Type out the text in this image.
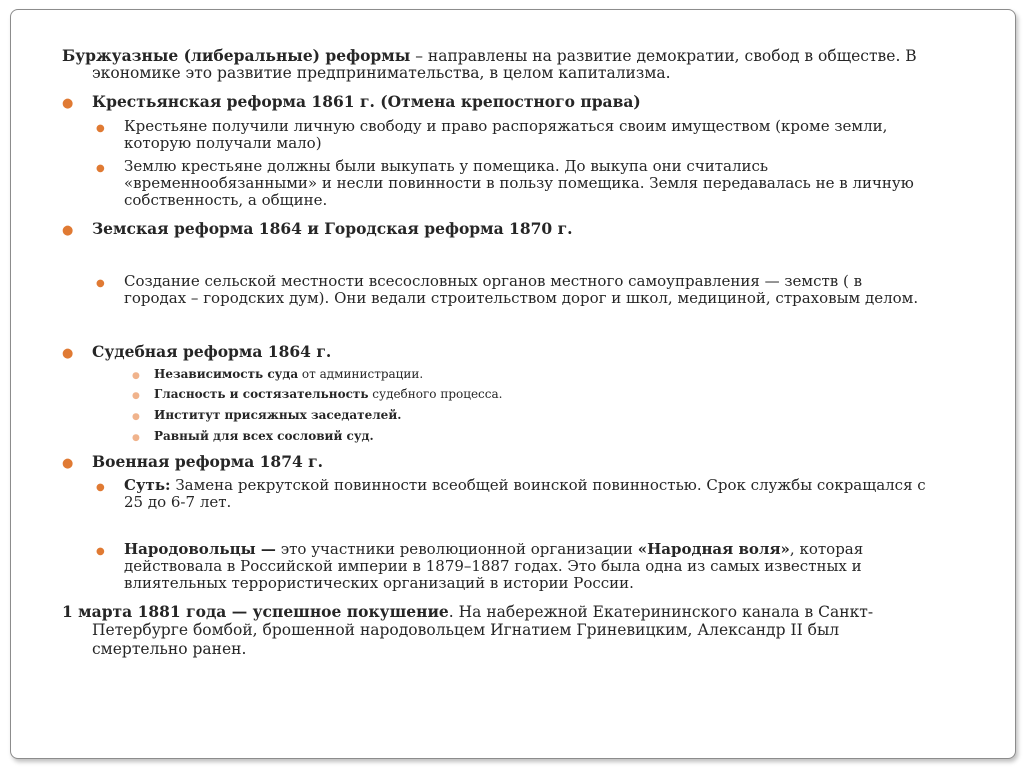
Буржуазные (либеральные) реформы – направлены на развитие демократии, свобод в обществе. В
экономике это развитие предпринимательства, в целом капитализма.
● Крестьянская реформа 1861 г. (Отмена крепостного права)
● Крестьяне получили личную свободу и право распоряжаться своим имуществом (кроме земли,
которую получали мало)
● Землю крестьяне должны были выкупать у помещика. До выкупа они считались
«временнообязанными» и несли повинности в пользу помещика. Земля передавалась не в личную
собственность, а общине.
● Земская реформа 1864 и Городская реформа 1870 г.
● Создание сельской местности всесословных органов местного самоуправления — земств ( в
городах – городских дум). Они ведали строительством дорог и школ, медициной, страховым делом.
● Судебная реформа 1864 г.
● Независимость суда от администрации.
● Гласность и состязательность судебного процесса.
● Институт присяжных заседателей.
● Равный для всех сословий суд.
● Военная реформа 1874 г.
● Суть: Замена рекрутской повинности всеобщей воинской повинностью. Срок службы сокращался с
25 до 6-7 лет.
● Народовольцы — это участники революционной организации «Народная воля», которая
действовала в Российской империи в 1879–1887 годах. Это была одна из самых известных и
влиятельных террористических организаций в истории России.
1 марта 1881 года — успешное покушение. На набережной Екатерининского канала в Санкт-
Петербурге бомбой, брошенной народовольцем Игнатием Гриневицким, Александр II был
смертельно ранен.
